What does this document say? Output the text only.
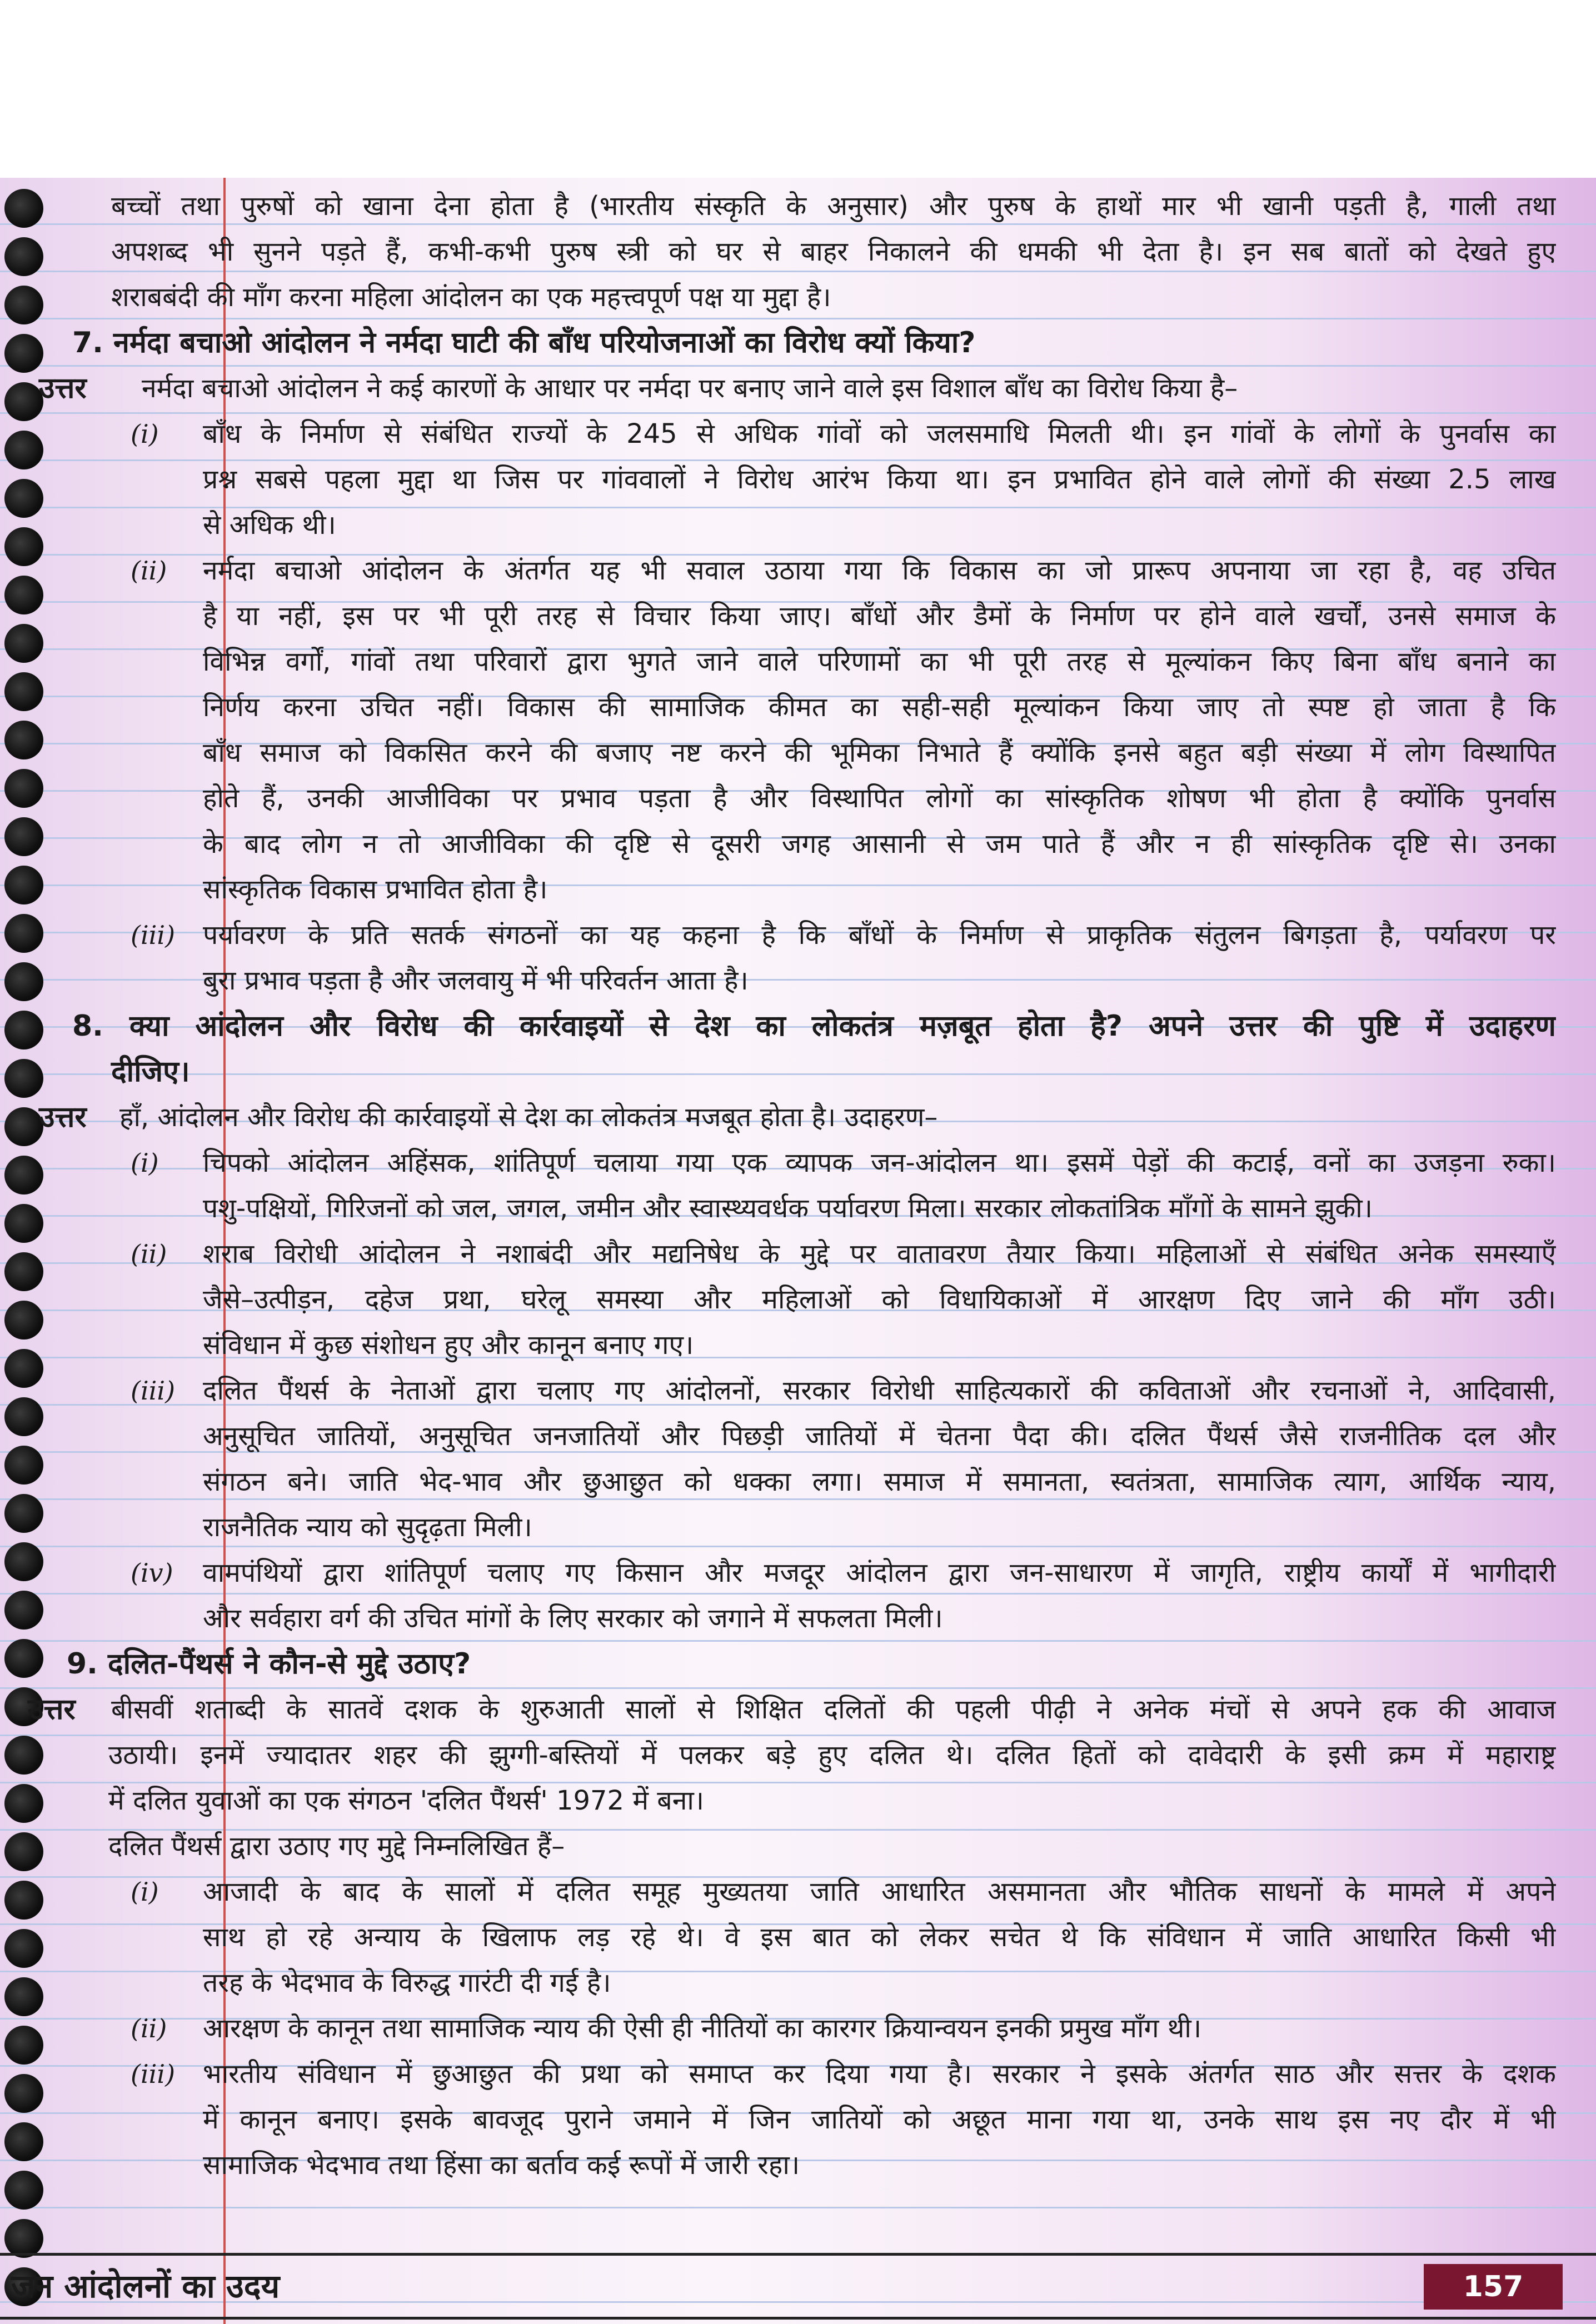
बच्चों तथा पुरुषों को खाना देना होता है (भारतीय संस्कृति के अनुसार) और पुरुष के हाथों मार भी खानी पड़ती है, गाली तथा
अपशब्द भी सुनने पड़ते हैं, कभी-कभी पुरुष स्त्री को घर से बाहर निकालने की धमकी भी देता है। इन सब बातों को देखते हुए
शराबबंदी की माँग करना महिला आंदोलन का एक महत्त्वपूर्ण पक्ष या मुद्दा है।
7. नर्मदा बचाओ आंदोलन ने नर्मदा घाटी की बाँध परियोजनाओं का विरोध क्यों किया?
उत्तर नर्मदा बचाओ आंदोलन ने कई कारणों के आधार पर नर्मदा पर बनाए जाने वाले इस विशाल बाँध का विरोध किया है–
(i) बाँध के निर्माण से संबंधित राज्यों के 245 से अधिक गांवों को जलसमाधि मिलती थी। इन गांवों के लोगों के पुनर्वास का
प्रश्न सबसे पहला मुद्दा था जिस पर गांववालों ने विरोध आरंभ किया था। इन प्रभावित होने वाले लोगों की संख्या 2.5 लाख
से अधिक थी।
(ii) नर्मदा बचाओ आंदोलन के अंतर्गत यह भी सवाल उठाया गया कि विकास का जो प्रारूप अपनाया जा रहा है, वह उचित
है या नहीं, इस पर भी पूरी तरह से विचार किया जाए। बाँधों और डैमों के निर्माण पर होने वाले खर्चों, उनसे समाज के
विभिन्न वर्गों, गांवों तथा परिवारों द्वारा भुगते जाने वाले परिणामों का भी पूरी तरह से मूल्यांकन किए बिना बाँध बनाने का
निर्णय करना उचित नहीं। विकास की सामाजिक कीमत का सही-सही मूल्यांकन किया जाए तो स्पष्ट हो जाता है कि
बाँध समाज को विकसित करने की बजाए नष्ट करने की भूमिका निभाते हैं क्योंकि इनसे बहुत बड़ी संख्या में लोग विस्थापित
होते हैं, उनकी आजीविका पर प्रभाव पड़ता है और विस्थापित लोगों का सांस्कृतिक शोषण भी होता है क्योंकि पुनर्वास
के बाद लोग न तो आजीविका की दृष्टि से दूसरी जगह आसानी से जम पाते हैं और न ही सांस्कृतिक दृष्टि से। उनका
सांस्कृतिक विकास प्रभावित होता है।
(iii) पर्यावरण के प्रति सतर्क संगठनों का यह कहना है कि बाँधों के निर्माण से प्राकृतिक संतुलन बिगड़ता है, पर्यावरण पर
बुरा प्रभाव पड़ता है और जलवायु में भी परिवर्तन आता है।
8. क्या आंदोलन और विरोध की कार्रवाइयों से देश का लोकतंत्र मज़बूत होता है? अपने उत्तर की पुष्टि में उदाहरण
दीजिए।
उत्तर हाँ, आंदोलन और विरोध की कार्रवाइयों से देश का लोकतंत्र मजबूत होता है। उदाहरण–
(i) चिपको आंदोलन अहिंसक, शांतिपूर्ण चलाया गया एक व्यापक जन-आंदोलन था। इसमें पेड़ों की कटाई, वनों का उजड़ना रुका।
पशु-पक्षियों, गिरिजनों को जल, जगल, जमीन और स्वास्थ्यवर्धक पर्यावरण मिला। सरकार लोकतांत्रिक माँगों के सामने झुकी।
(ii) शराब विरोधी आंदोलन ने नशाबंदी और मद्यनिषेध के मुद्दे पर वातावरण तैयार किया। महिलाओं से संबंधित अनेक समस्याएँ
जैसे–उत्पीड़न, दहेज प्रथा, घरेलू समस्या और महिलाओं को विधायिकाओं में आरक्षण दिए जाने की माँग उठी।
संविधान में कुछ संशोधन हुए और कानून बनाए गए।
(iii) दलित पैंथर्स के नेताओं द्वारा चलाए गए आंदोलनों, सरकार विरोधी साहित्यकारों की कविताओं और रचनाओं ने, आदिवासी,
अनुसूचित जातियों, अनुसूचित जनजातियों और पिछड़ी जातियों में चेतना पैदा की। दलित पैंथर्स जैसे राजनीतिक दल और
संगठन बने। जाति भेद-भाव और छुआछुत को धक्का लगा। समाज में समानता, स्वतंत्रता, सामाजिक त्याग, आर्थिक न्याय,
राजनैतिक न्याय को सुदृढ़ता मिली।
(iv) वामपंथियों द्वारा शांतिपूर्ण चलाए गए किसान और मजदूर आंदोलन द्वारा जन-साधारण में जागृति, राष्ट्रीय कार्यों में भागीदारी
और सर्वहारा वर्ग की उचित मांगों के लिए सरकार को जगाने में सफलता मिली।
9. दलित-पैंथर्स ने कौन-से मुद्दे उठाए?
उत्तर बीसवीं शताब्दी के सातवें दशक के शुरुआती सालों से शिक्षित दलितों की पहली पीढ़ी ने अनेक मंचों से अपने हक की आवाज
उठायी। इनमें ज्यादातर शहर की झुग्गी-बस्तियों में पलकर बड़े हुए दलित थे। दलित हितों को दावेदारी के इसी क्रम में महाराष्ट्र
में दलित युवाओं का एक संगठन 'दलित पैंथर्स' 1972 में बना।
दलित पैंथर्स द्वारा उठाए गए मुद्दे निम्नलिखित हैं–
(i) आजादी के बाद के सालों में दलित समूह मुख्यतया जाति आधारित असमानता और भौतिक साधनों के मामले में अपने
साथ हो रहे अन्याय के खिलाफ लड़ रहे थे। वे इस बात को लेकर सचेत थे कि संविधान में जाति आधारित किसी भी
तरह के भेदभाव के विरुद्ध गारंटी दी गई है।
(ii) आरक्षण के कानून तथा सामाजिक न्याय की ऐसी ही नीतियों का कारगर क्रियान्वयन इनकी प्रमुख माँग थी।
(iii) भारतीय संविधान में छुआछुत की प्रथा को समाप्त कर दिया गया है। सरकार ने इसके अंतर्गत साठ और सत्तर के दशक
में कानून बनाए। इसके बावजूद पुराने जमाने में जिन जातियों को अछूत माना गया था, उनके साथ इस नए दौर में भी
सामाजिक भेदभाव तथा हिंसा का बर्ताव कई रूपों में जारी रहा।
जन आंदोलनों का उदय	157
